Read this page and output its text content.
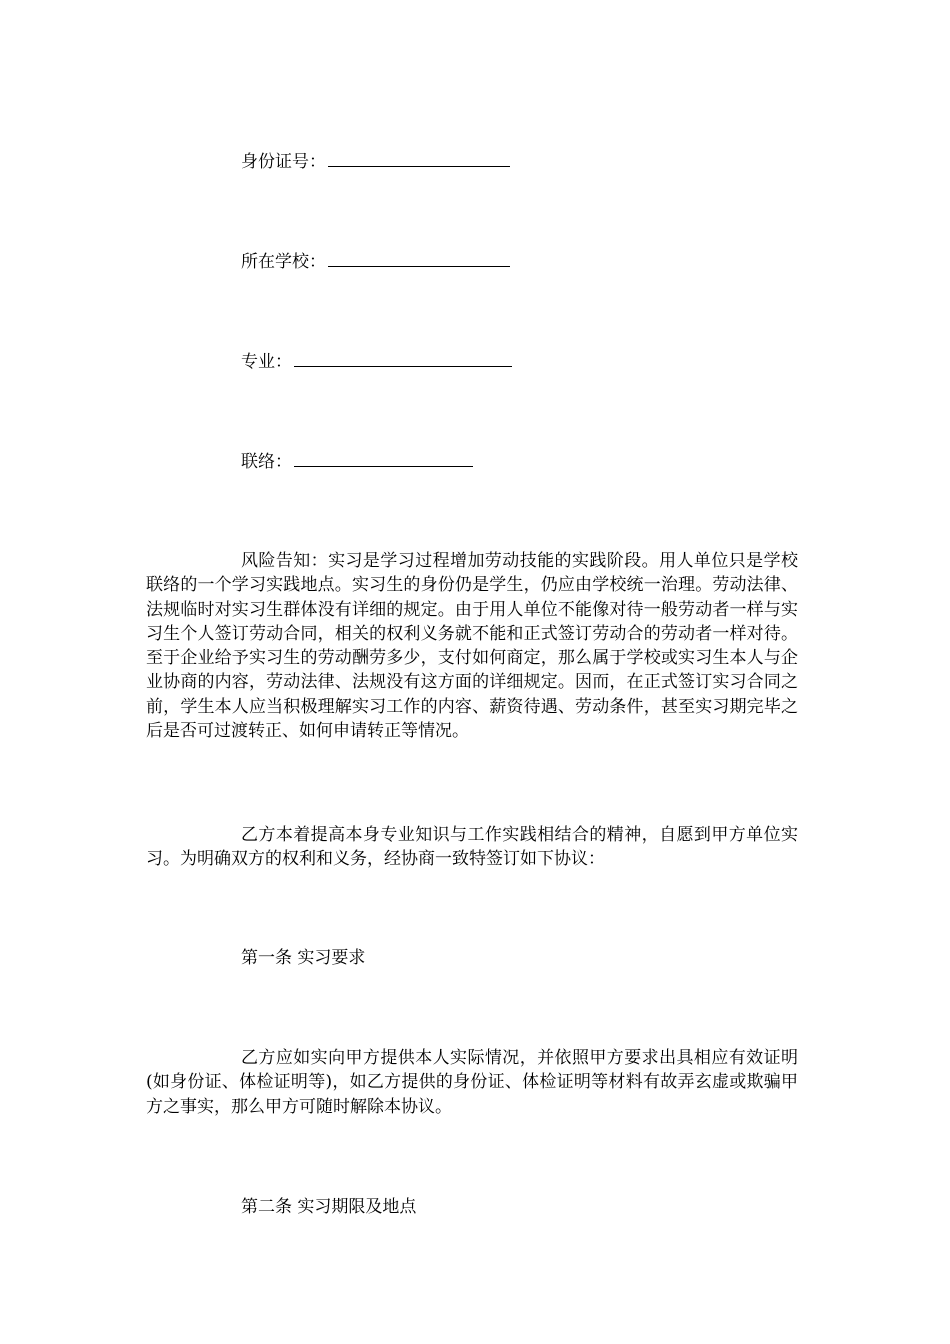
身份证号：
所在学校：
专业：
联络：

风险告知：实习是学习过程增加劳动技能的实践阶段。用人单位只是学校联络的一个学习实践地点。实习生的身份仍是学生，仍应由学校统一治理。劳动法律、法规临时对实习生群体没有详细的规定。由于用人单位不能像对待一般劳动者一样与实习生个人签订劳动合同，相关的权利义务就不能和正式签订劳动合的劳动者一样对待。至于企业给予实习生的劳动酬劳多少，支付如何商定，那么属于学校或实习生本人与企业协商的内容，劳动法律、法规没有这方面的详细规定。因而，在正式签订实习合同之前，学生本人应当积极理解实习工作的内容、薪资待遇、劳动条件，甚至实习期完毕之后是否可过渡转正、如何申请转正等情况。

乙方本着提高本身专业知识与工作实践相结合的精神，自愿到甲方单位实习。为明确双方的权利和义务，经协商一致特签订如下协议：

第一条 实习要求

乙方应如实向甲方提供本人实际情况，并依照甲方要求出具相应有效证明(如身份证、体检证明等)，如乙方提供的身份证、体检证明等材料有故弄玄虚或欺骗甲方之事实，那么甲方可随时解除本协议。

第二条 实习期限及地点
